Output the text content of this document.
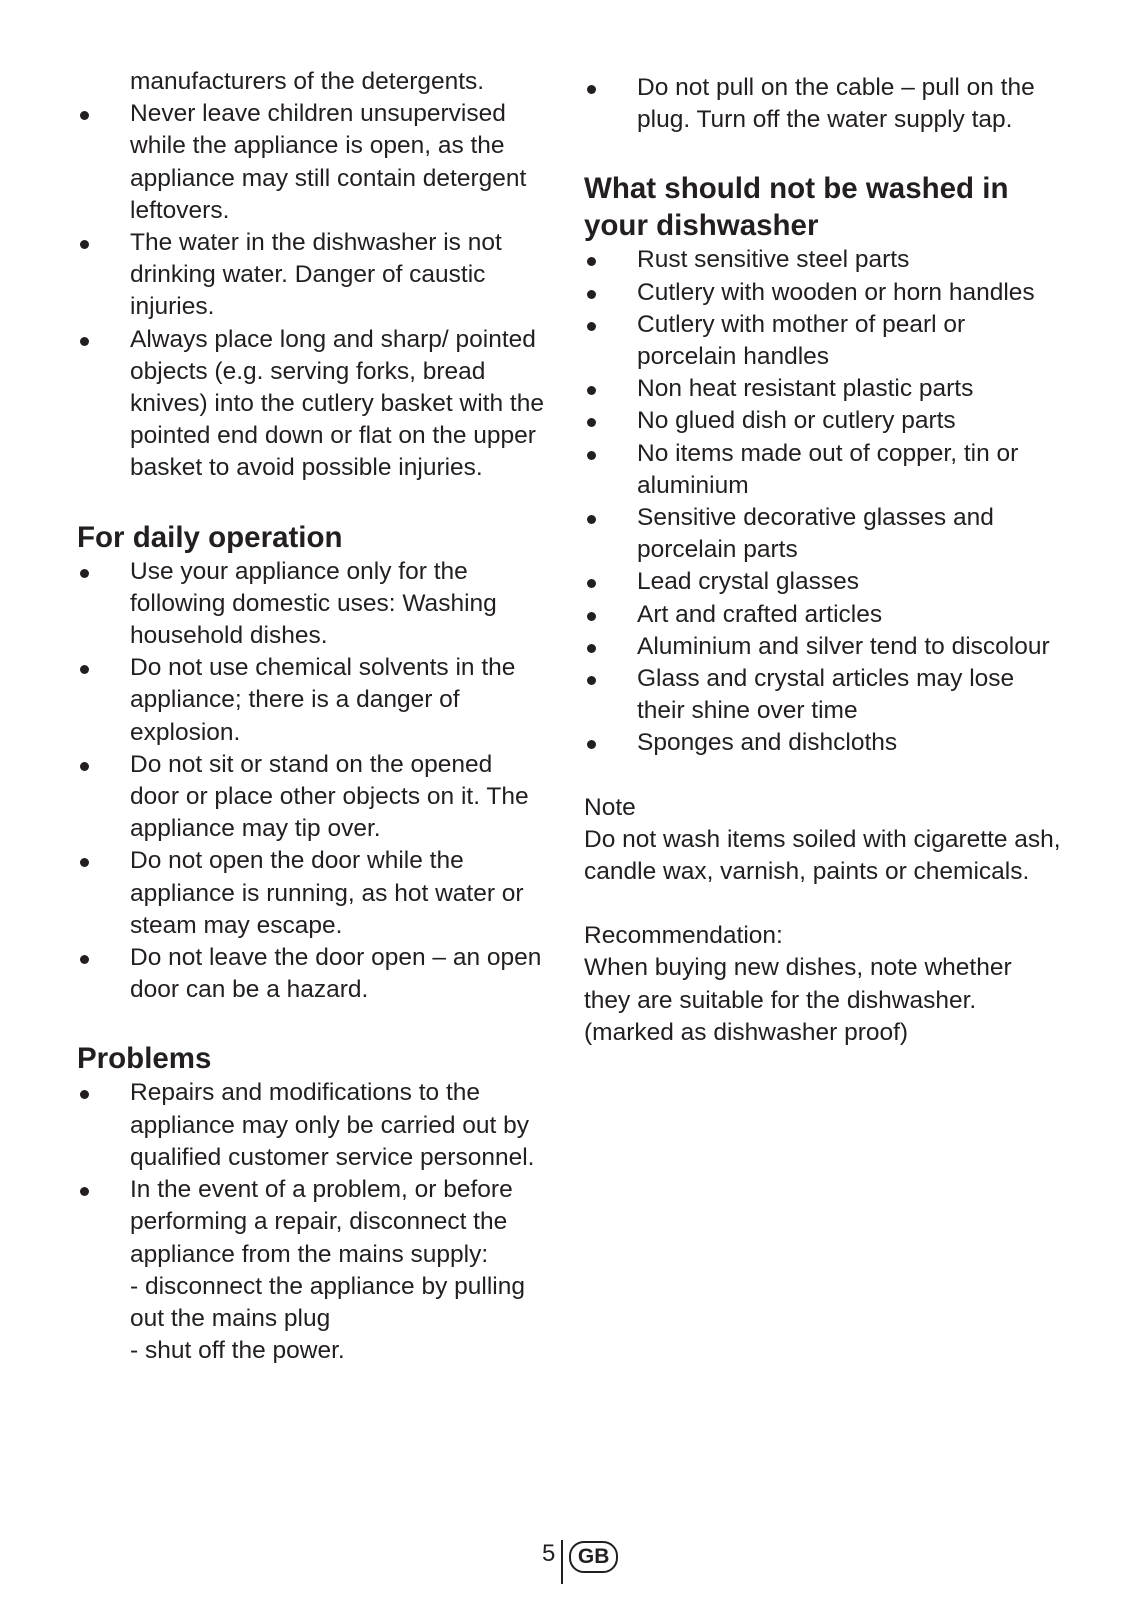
manufacturers of the detergents.
Never leave children unsupervised while the appliance is open, as the appliance may still contain detergent leftovers.
The water in the dishwasher is not drinking water. Danger of caustic injuries.
Always place long and sharp/ pointed objects (e.g. serving forks, bread knives) into the cutlery basket with the pointed end down or flat on the upper basket to avoid possible injuries.
For daily operation
Use your appliance only for the following domestic uses: Washing household dishes.
Do not use chemical solvents in the appliance; there is a danger of explosion.
Do not sit or stand on the opened door or place other objects on it. The appliance may tip over.
Do not open the door while the appliance is running, as hot water or steam may escape.
Do not leave the door open – an open door can be a hazard.
Problems
Repairs and modifications to the appliance may only be carried out by qualified customer service personnel.
In the event of a problem, or before performing a repair, disconnect the appliance from the mains supply:
- disconnect the appliance by pulling out the mains plug
- shut off the power.
Do not pull on the cable – pull on the plug. Turn off the water supply tap.
What should not be washed in your dishwasher
Rust sensitive steel parts
Cutlery with wooden or horn handles
Cutlery with mother of pearl or porcelain handles
Non heat resistant plastic parts
No glued dish or cutlery parts
No items made out of copper, tin or aluminium
Sensitive decorative glasses and porcelain parts
Lead crystal glasses
Art and crafted articles
Aluminium and silver tend to discolour
Glass and crystal articles may lose their shine over time
Sponges and dishcloths

Note

Do not wash items soiled with cigarette ash, candle wax, varnish, paints or chemicals.

Recommendation:

When buying new dishes, note whether they are suitable for the dishwasher. (marked as dishwasher proof)

5	GB
